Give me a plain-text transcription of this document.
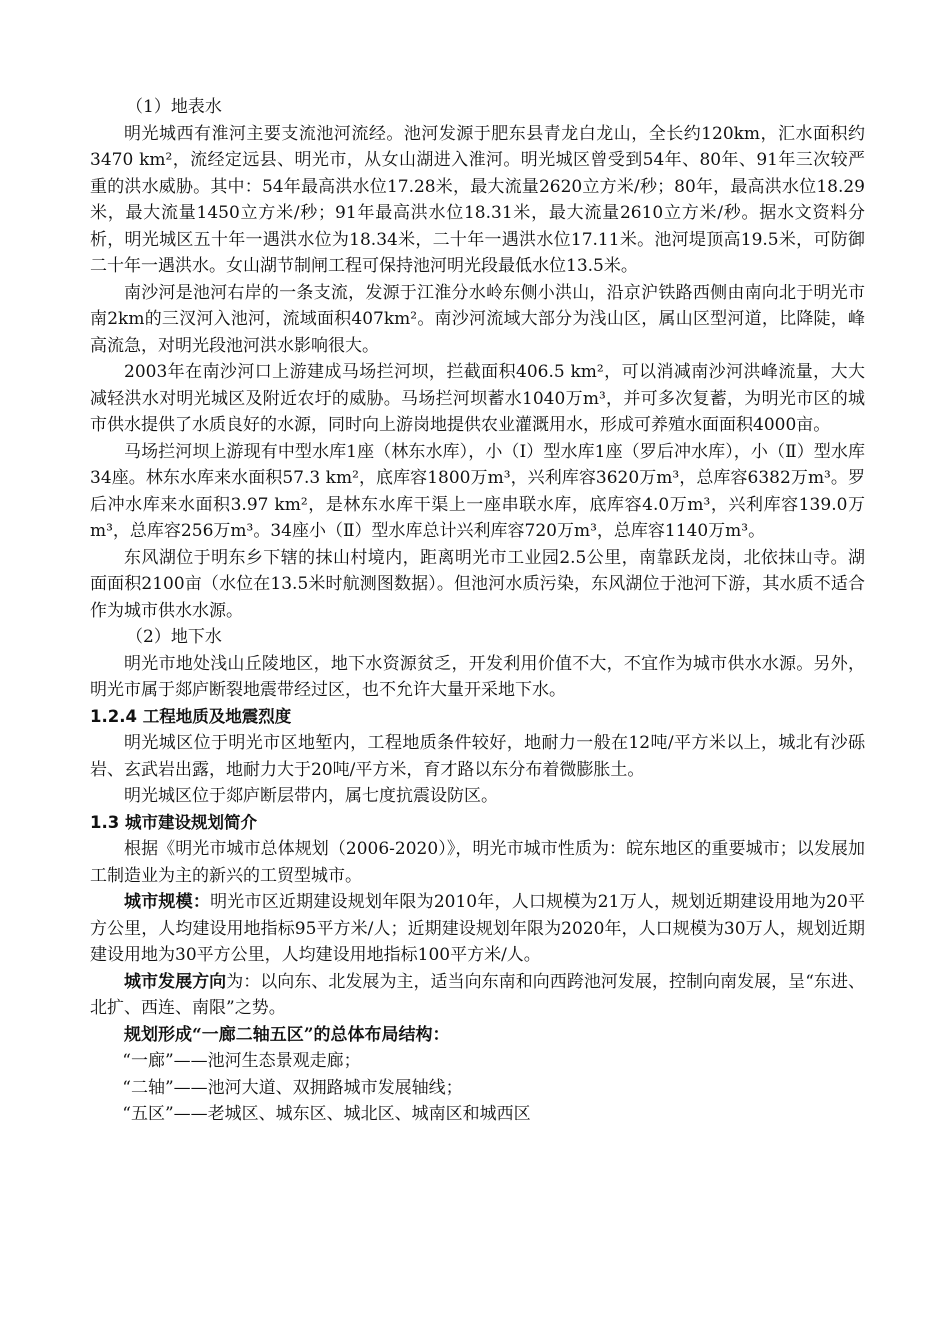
（1）地表水

明光城西有淮河主要支流池河流经。池河发源于肥东县青龙白龙山，全长约120km，汇水面积约3470 km²，流经定远县、明光市，从女山湖进入淮河。明光城区曾受到54年、80年、91年三次较严重的洪水威胁。其中：54年最高洪水位17.28米，最大流量2620立方米/秒；80年，最高洪水位18.29米，最大流量1450立方米/秒；91年最高洪水位18.31米，最大流量2610立方米/秒。据水文资料分析，明光城区五十年一遇洪水位为18.34米，二十年一遇洪水位17.11米。池河堤顶高19.5米，可防御二十年一遇洪水。女山湖节制闸工程可保持池河明光段最低水位13.5米。

南沙河是池河右岸的一条支流，发源于江淮分水岭东侧小洪山，沿京沪铁路西侧由南向北于明光市南2km的三汊河入池河，流域面积407km²。南沙河流域大部分为浅山区，属山区型河道，比降陡，峰高流急，对明光段池河洪水影响很大。

2003年在南沙河口上游建成马场拦河坝，拦截面积406.5 km²，可以消减南沙河洪峰流量，大大减轻洪水对明光城区及附近农圩的威胁。马场拦河坝蓄水1040万m³，并可多次复蓄，为明光市区的城市供水提供了水质良好的水源，同时向上游岗地提供农业灌溉用水，形成可养殖水面面积4000亩。

马场拦河坝上游现有中型水库1座（林东水库），小（Ⅰ）型水库1座（罗后冲水库），小（Ⅱ）型水库34座。林东水库来水面积57.3 km²，底库容1800万m³，兴利库容3620万m³，总库容6382万m³。罗后冲水库来水面积3.97 km²，是林东水库干渠上一座串联水库，底库容4.0万m³，兴利库容139.0万m³，总库容256万m³。34座小（Ⅱ）型水库总计兴利库容720万m³，总库容1140万m³。

东风湖位于明东乡下辖的抹山村境内，距离明光市工业园2.5公里，南靠跃龙岗，北依抹山寺。湖面面积2100亩（水位在13.5米时航测图数据）。但池河水质污染，东风湖位于池河下游，其水质不适合作为城市供水水源。

（2）地下水

明光市地处浅山丘陵地区，地下水资源贫乏，开发利用价值不大，不宜作为城市供水水源。另外，明光市属于郯庐断裂地震带经过区，也不允许大量开采地下水。

1.2.4 工程地质及地震烈度

明光城区位于明光市区地堑内，工程地质条件较好，地耐力一般在12吨/平方米以上，城北有沙砾岩、玄武岩出露，地耐力大于20吨/平方米，育才路以东分布着微膨胀土。

明光城区位于郯庐断层带内，属七度抗震设防区。

1.3 城市建设规划简介

根据《明光市城市总体规划（2006-2020）》，明光市城市性质为：皖东地区的重要城市；以发展加工制造业为主的新兴的工贸型城市。

城市规模：明光市区近期建设规划年限为2010年，人口规模为21万人，规划近期建设用地为20平方公里，人均建设用地指标95平方米/人；近期建设规划年限为2020年，人口规模为30万人，规划近期建设用地为30平方公里，人均建设用地指标100平方米/人。

城市发展方向为：以向东、北发展为主，适当向东南和向西跨池河发展，控制向南发展，呈“东进、北扩、西连、南限”之势。

规划形成“一廊二轴五区”的总体布局结构：

“一廊”——池河生态景观走廊；

“二轴”——池河大道、双拥路城市发展轴线；

“五区”——老城区、城东区、城北区、城南区和城西区
